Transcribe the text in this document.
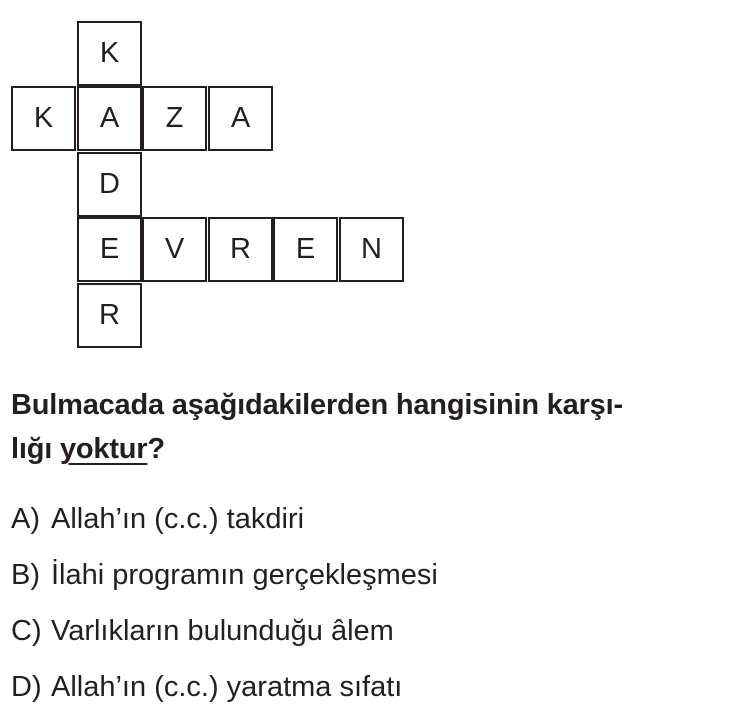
K
K	A	Z	A
D
E	V	R	E	N
R
Bulmacada aşağıdakilerden hangisinin karşı-
lığı yoktur?
A) Allah’ın (c.c.) takdiri
B) İlahi programın gerçekleşmesi
C) Varlıkların bulunduğu âlem
D) Allah’ın (c.c.) yaratma sıfatı
